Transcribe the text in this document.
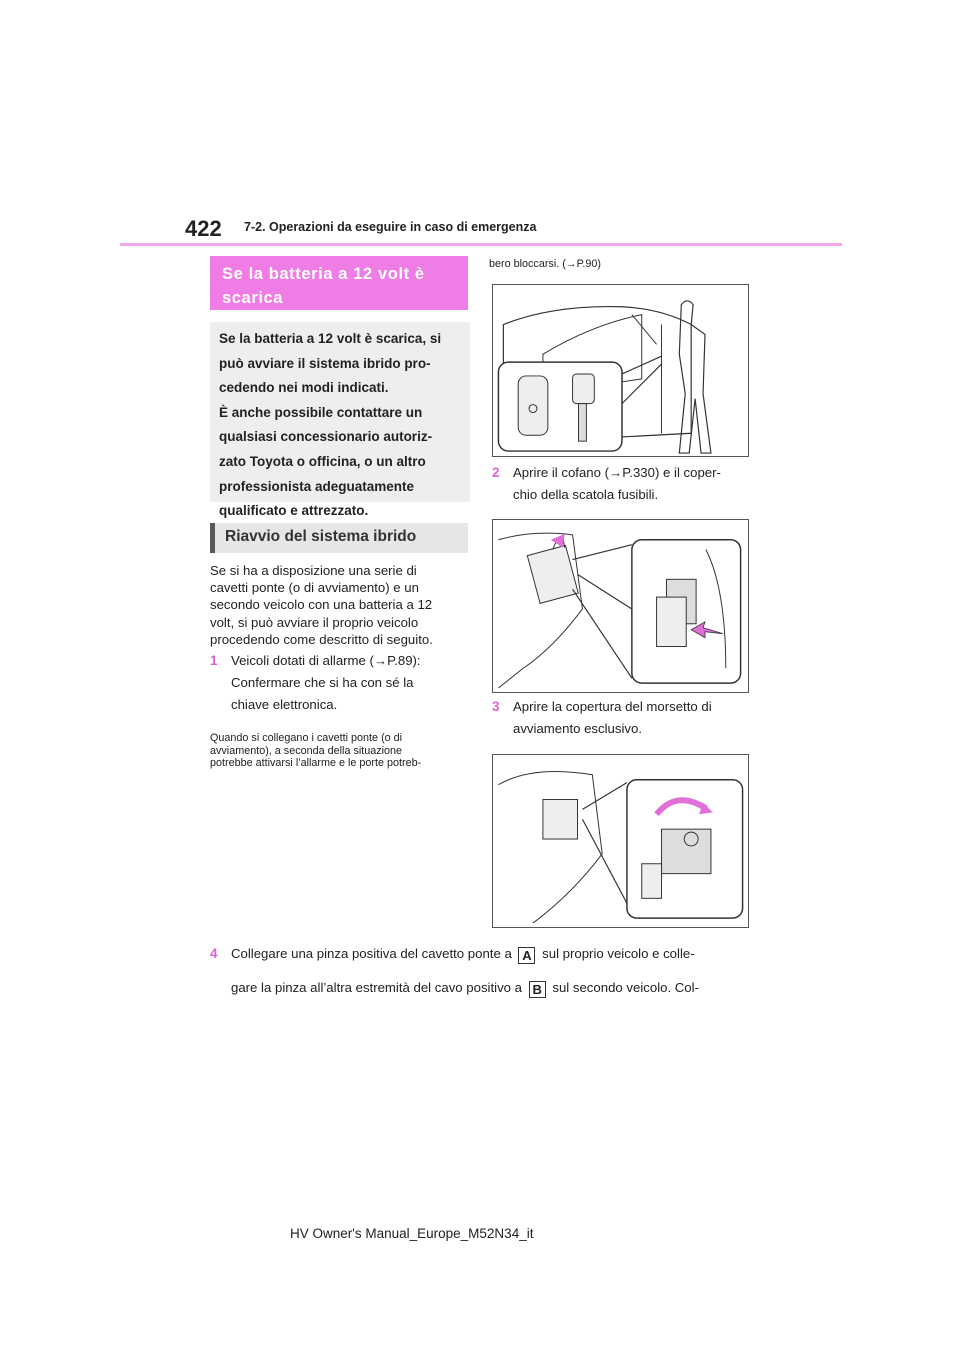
422 7-2. Operazioni da eseguire in caso di emergenza
Se la batteria a 12 volt è scarica

Se la batteria a 12 volt è scarica, si

può avviare il sistema ibrido pro-

cedendo nei modi indicati.

È anche possibile contattare un

qualsiasi concessionario autoriz-

zato Toyota o officina, o un altro

professionista adeguatamente

qualificato e attrezzato.

Riavvio del sistema ibrido
Se si ha a disposizione una serie di
cavetti ponte (o di avviamento) e un
secondo veicolo con una batteria a 12
volt, si può avviare il proprio veicolo
procedendo come descritto di seguito.
1 Veicoli dotati di allarme (→P.89):
Confermare che si ha con sé la
chiave elettronica.
Quando si collegano i cavetti ponte (o di
avviamento), a seconda della situazione
potrebbe attivarsi l’allarme e le porte potreb-
bero bloccarsi. (→P.90)
2 Aprire il cofano (→P.330) e il coper-
chio della scatola fusibili.
3 Aprire la copertura del morsetto di
avviamento esclusivo.
4 Collegare una pinza positiva del cavetto ponte a A sul proprio veicolo e colle-
gare la pinza all’altra estremità del cavo positivo a B sul secondo veicolo. Col-
HV Owner's Manual_Europe_M52N34_it
